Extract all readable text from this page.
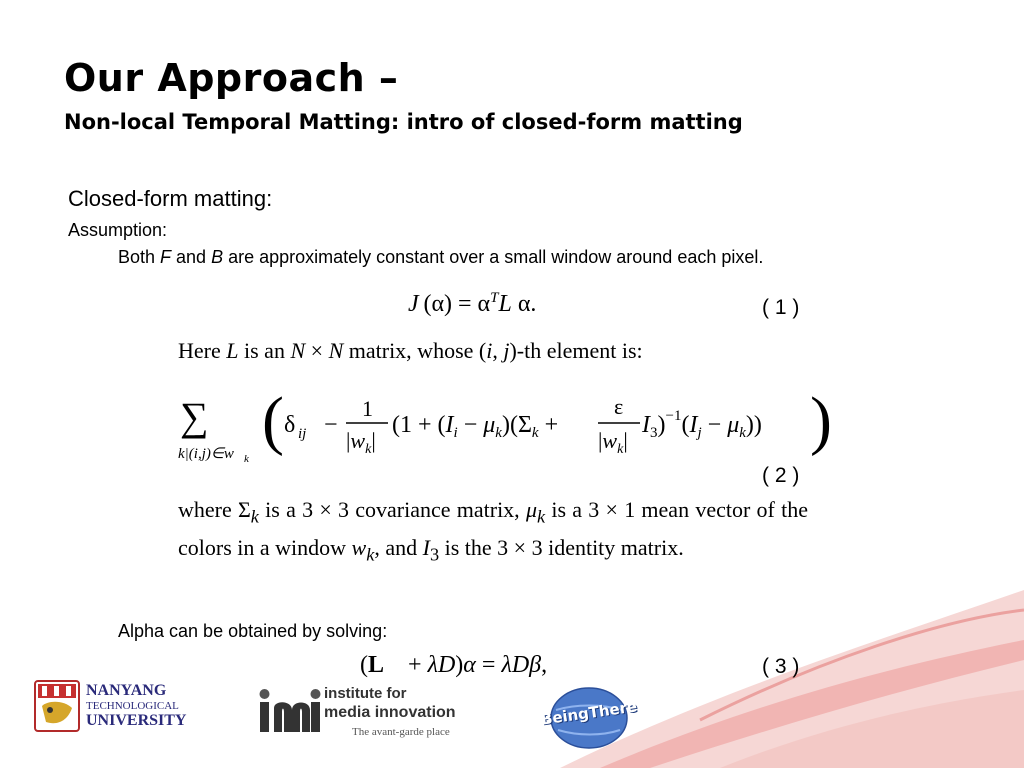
Our Approach –
Non-local Temporal Matting: intro of closed-form matting
Closed-form matting:
Assumption:
Both F and B are approximately constant over a small window around each pixel.
J $(\alpha) = \alpha^TL$ α.	( 1 )
Here L is an N × N matrix, whose (i, j)-th element is:
∑
k|(i,j)∈w k
( δ ij −
1
$|w_k|$
($1 + (I_i - \mu_k)(\Sigma_k$ +
ε
$|w_k|$
$I_3)^{-1}(I_j - \mu_k)$) )
( 2 )
where $\Sigma_k$ is a 3 × 3 covariance matrix, $\mu_k$ is a 3 × 1 mean vector of the colors in a window $w_k$, and $I_3$ is the 3 × 3 identity matrix.
Alpha can be obtained by solving:
(L    + λD)α = λDβ,	( 3 )
NANYANG
TECHNOLOGICAL
UNIVERSITY
institute for
media innovation
The avant-garde place
BeingThere
